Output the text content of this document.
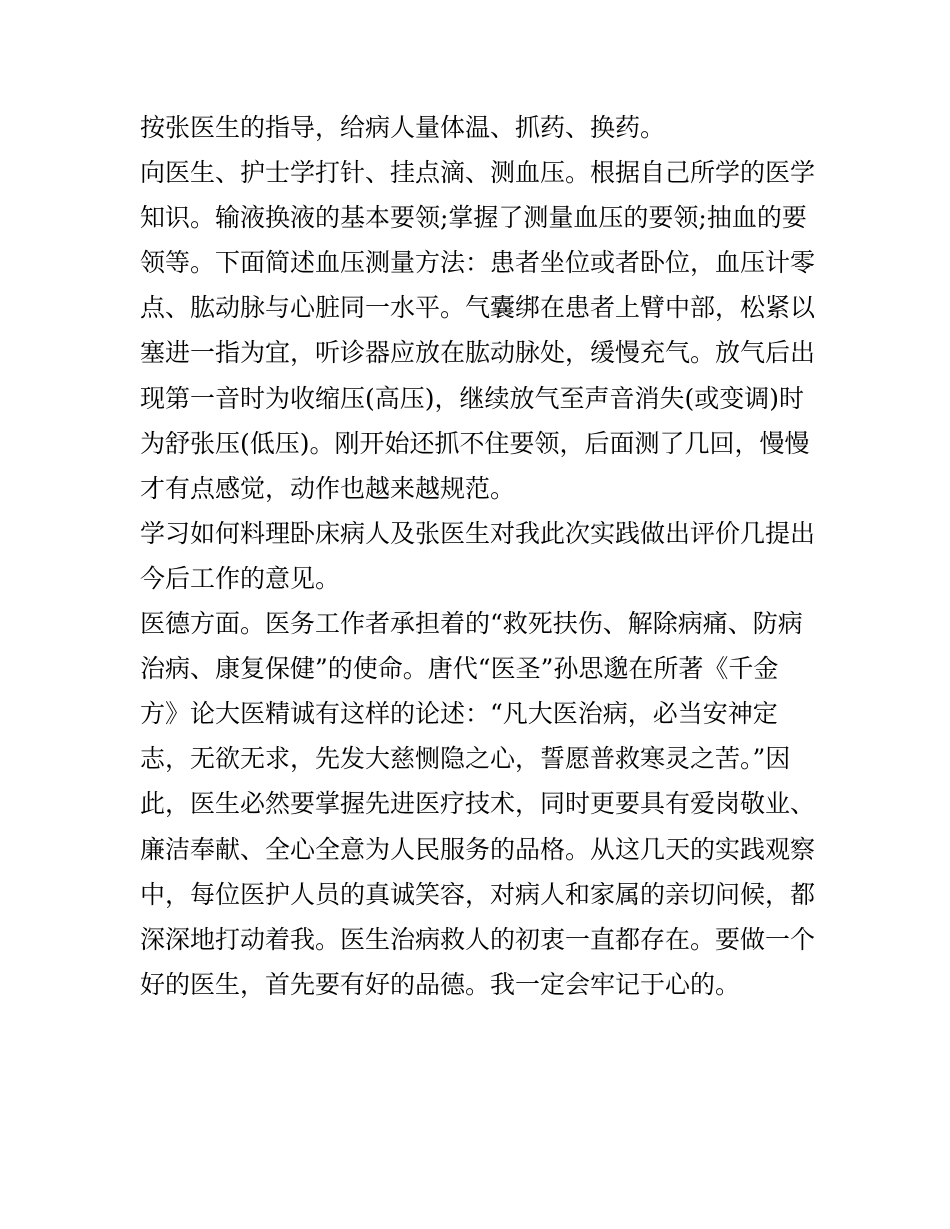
按张医生的指导，给病人量体温、抓药、换药。
向医生、护士学打针、挂点滴、测血压。根据自己所学的医学
知识。输液换液的基本要领;掌握了测量血压的要领;抽血的要
领等。下面简述血压测量方法：患者坐位或者卧位，血压计零
点、肱动脉与心脏同一水平。气囊绑在患者上臂中部，松紧以
塞进一指为宜，听诊器应放在肱动脉处，缓慢充气。放气后出
现第一音时为收缩压(高压)，继续放气至声音消失(或变调)时
为舒张压(低压)。刚开始还抓不住要领，后面测了几回，慢慢
才有点感觉，动作也越来越规范。
学习如何料理卧床病人及张医生对我此次实践做出评价几提出
今后工作的意见。
医德方面。医务工作者承担着的“救死扶伤、解除病痛、防病
治病、康复保健”的使命。唐代“医圣”孙思邈在所著《千金
方》论大医精诚有这样的论述：“凡大医治病，必当安神定
志，无欲无求，先发大慈恻隐之心，誓愿普救寒灵之苦。”因
此，医生必然要掌握先进医疗技术，同时更要具有爱岗敬业、
廉洁奉献、全心全意为人民服务的品格。从这几天的实践观察
中，每位医护人员的真诚笑容，对病人和家属的亲切问候，都
深深地打动着我。医生治病救人的初衷一直都存在。要做一个
好的医生，首先要有好的品德。我一定会牢记于心的。
